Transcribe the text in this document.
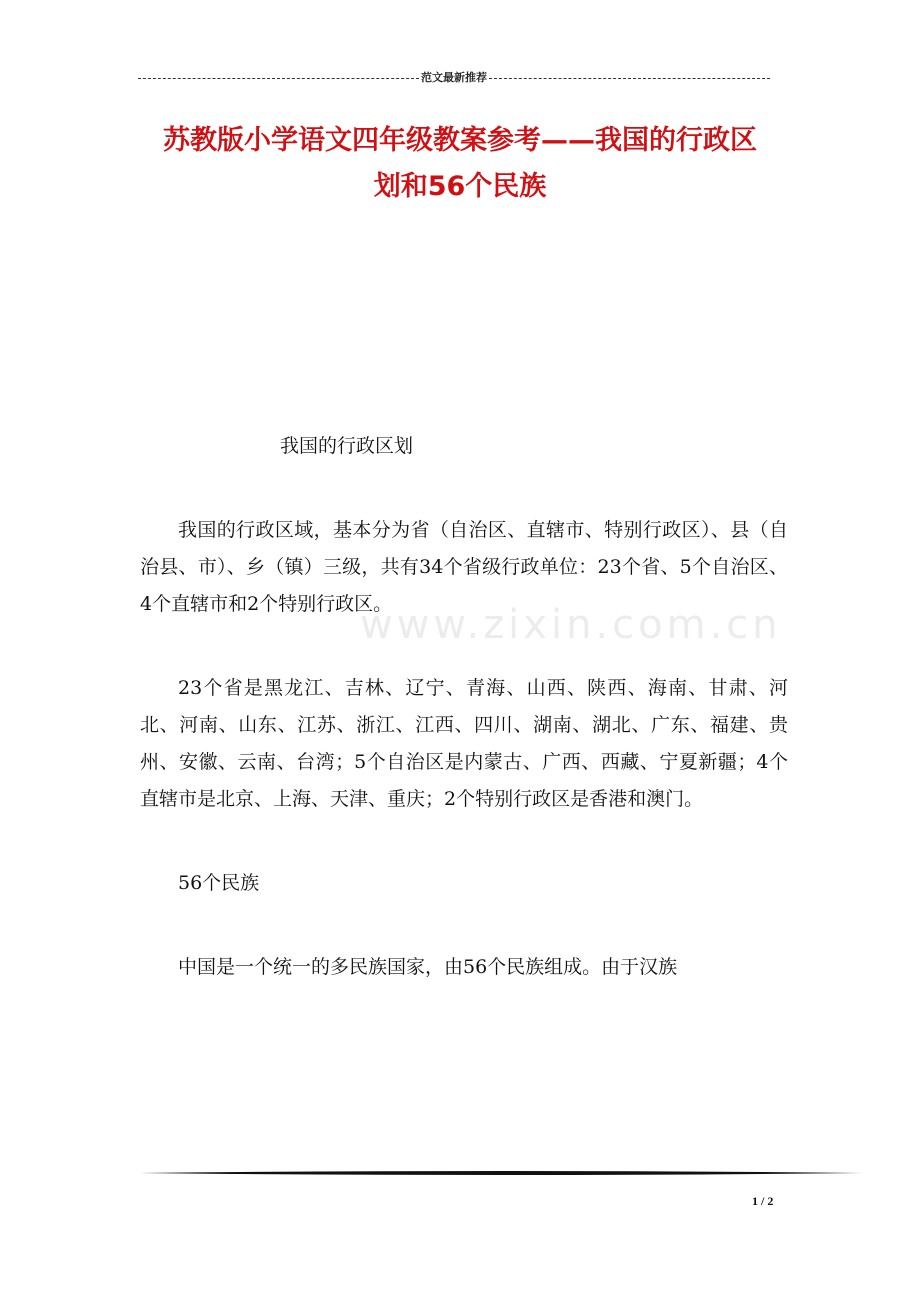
范文最新推荐
苏教版小学语文四年级教案参考——我国的行政区
划和56个民族
www.zixin.com.cn

我国的行政区划

我国的行政区域，基本分为省（自治区、直辖市、特别行政区）、县（自治县、市）、乡（镇）三级，共有34个省级行政单位：23个省、5个自治区、4个直辖市和2个特别行政区。

23个省是黑龙江、吉林、辽宁、青海、山西、陕西、海南、甘肃、河北、河南、山东、江苏、浙江、江西、四川、湖南、湖北、广东、福建、贵州、安徽、云南、台湾；5个自治区是内蒙古、广西、西藏、宁夏新疆；4个直辖市是北京、上海、天津、重庆；2个特别行政区是香港和澳门。

56个民族

中国是一个统一的多民族国家，由56个民族组成。由于汉族

1 / 2
